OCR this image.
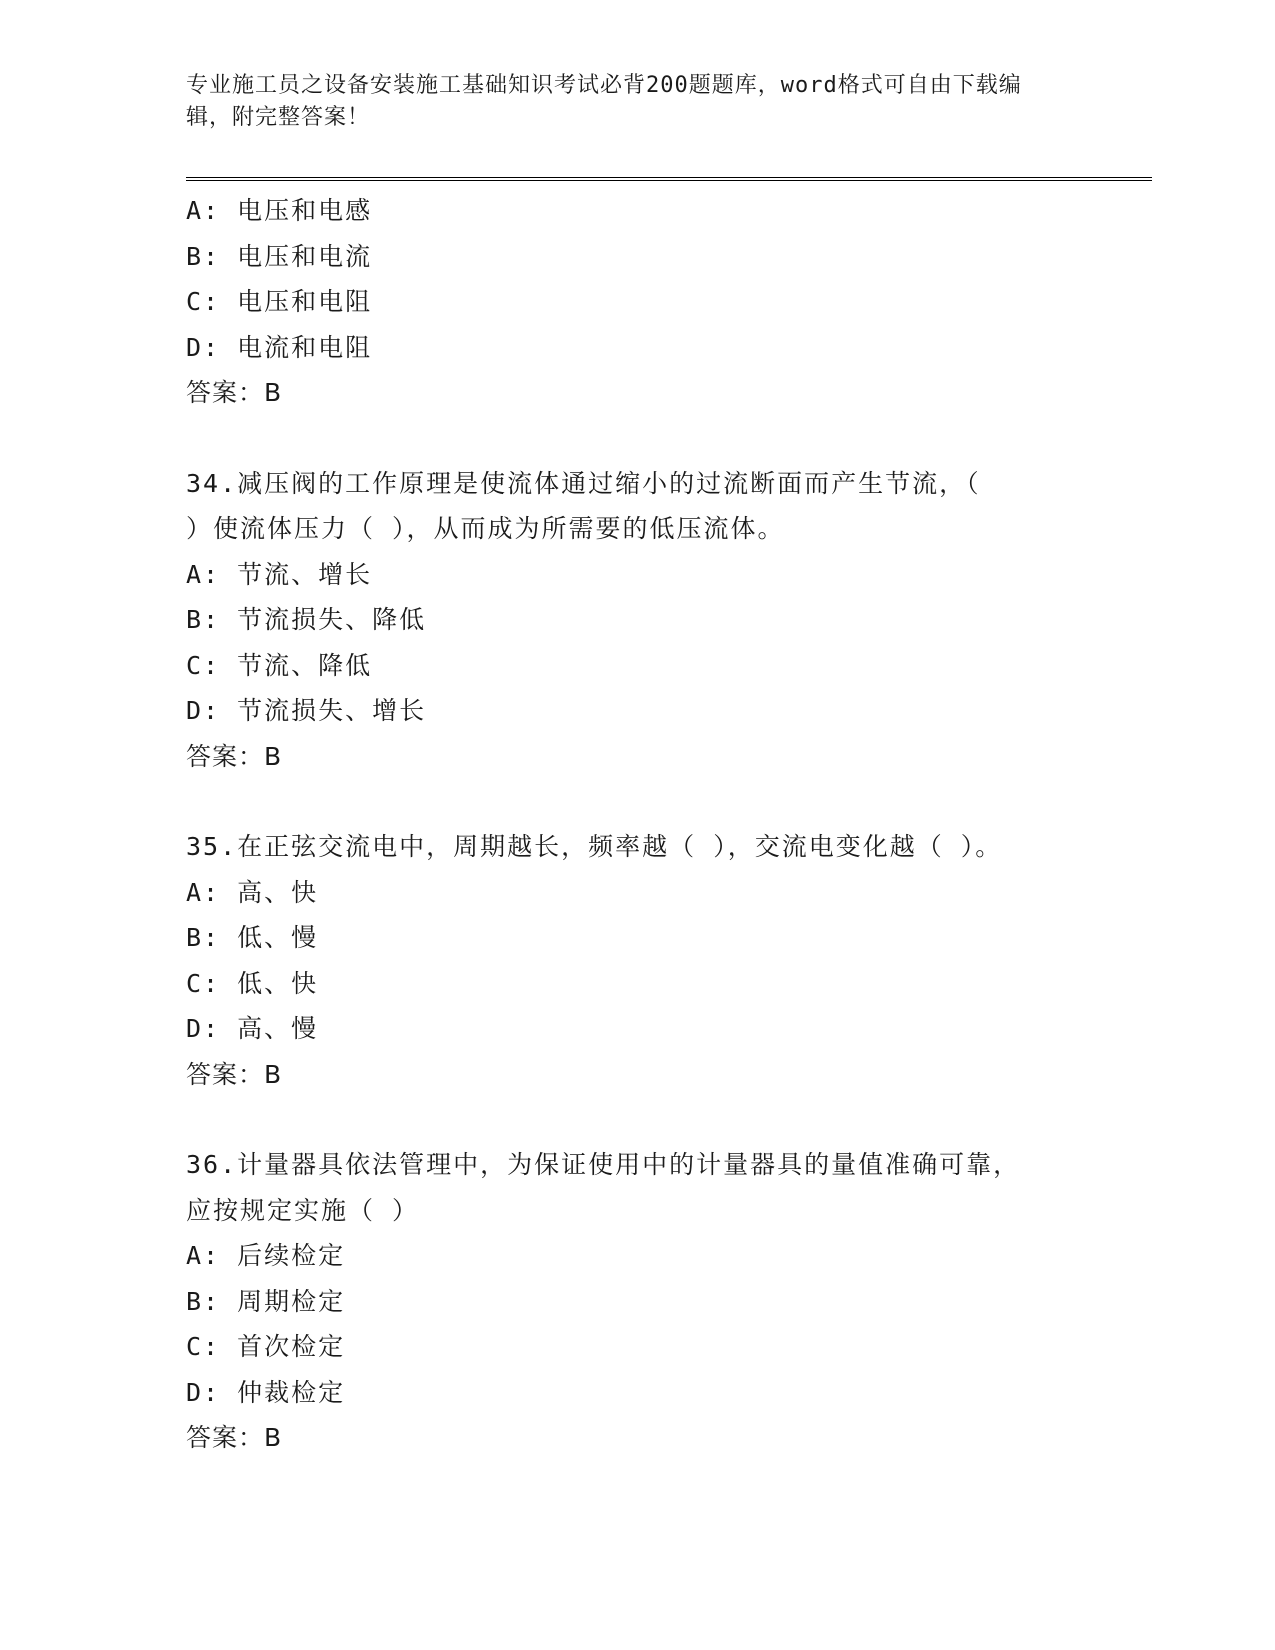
专业施工员之设备安装施工基础知识考试必背200题题库，word格式可自由下载编辑，附完整答案！
A: 电压和电感
B: 电压和电流
C: 电压和电阻
D: 电流和电阻
答案：B
34.减压阀的工作原理是使流体通过缩小的过流断面而产生节流，（
）使流体压力（ ），从而成为所需要的低压流体。
A: 节流、增长
B: 节流损失、降低
C: 节流、降低
D: 节流损失、增长
答案：B
35.在正弦交流电中，周期越长，频率越（ ），交流电变化越（ ）。
A: 高、快
B: 低、慢
C: 低、快
D: 高、慢
答案：B
36.计量器具依法管理中，为保证使用中的计量器具的量值准确可靠，
应按规定实施（ ）
A: 后续检定
B: 周期检定
C: 首次检定
D: 仲裁检定
答案：B
